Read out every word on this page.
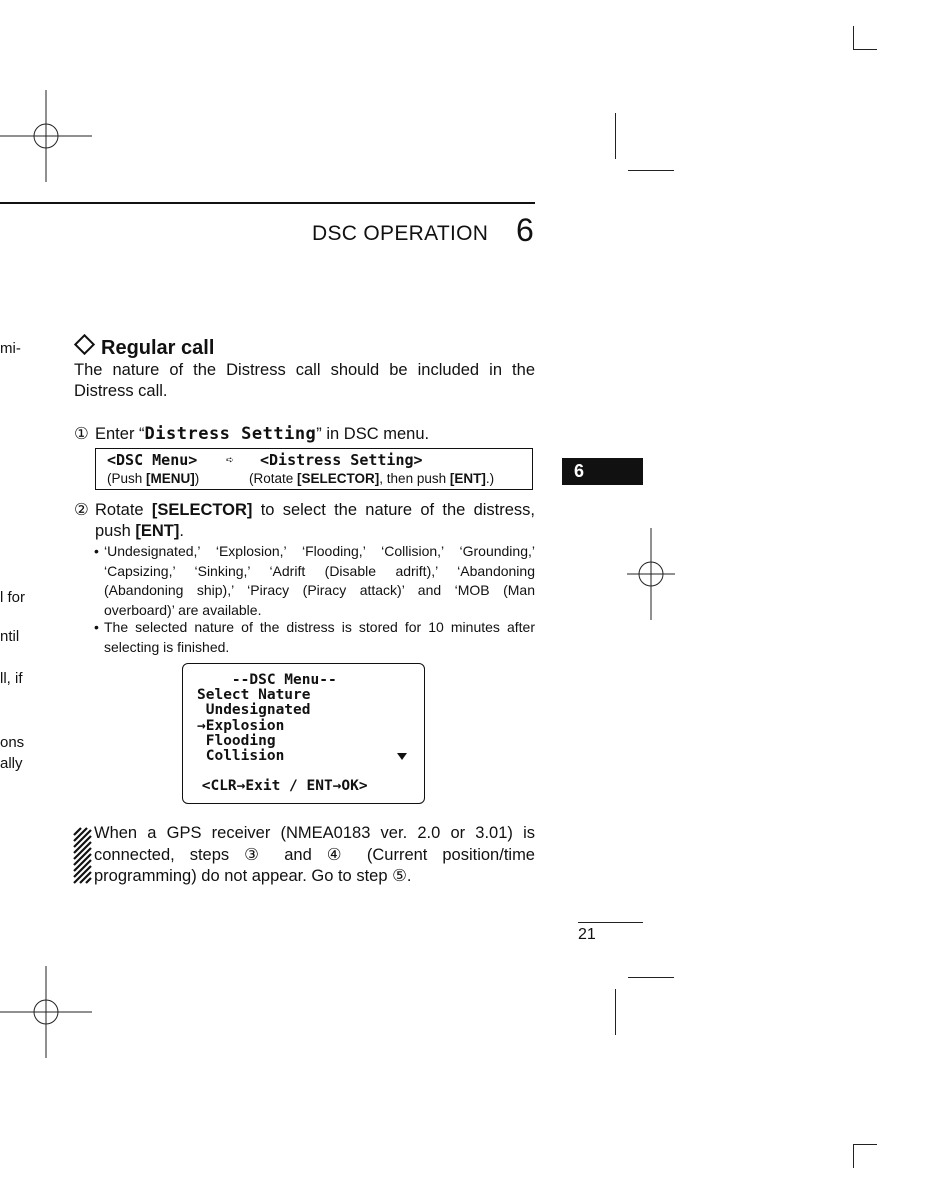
DSC OPERATION 6
mi-
l for
ntil
ll, if
ons
ally
Regular call
The nature of the Distress call should be included in the Distress call.
① Enter “Distress Setting” in DSC menu.
<DSC Menu> ➪ <Distress Setting>
(Push [MENU])	(Rotate [SELECTOR], then push [ENT].)
② Rotate [SELECTOR] to select the nature of the distress,
push [ENT].
• ‘Undesignated,’ ‘Explosion,’ ‘Flooding,’ ‘Collision,’ ‘Grounding,’ ‘Capsizing,’ ‘Sinking,’ ‘Adrift (Disable adrift),’ ‘Abandoning (Abandoning ship),’ ‘Piracy (Piracy attack)’ and ‘MOB (Man overboard)’ are available.
• The selected nature of the distress is stored for 10 minutes after selecting is finished.
--DSC Menu--
Select Nature
Undesignated
→Explosion
Flooding
Collision
<CLR→Exit / ENT→OK>
When a GPS receiver (NMEA0183 ver. 2.0 or 3.01) is connected, steps ③ and ④ (Current position/time programming) do not appear. Go to step ⑤.
6
21
